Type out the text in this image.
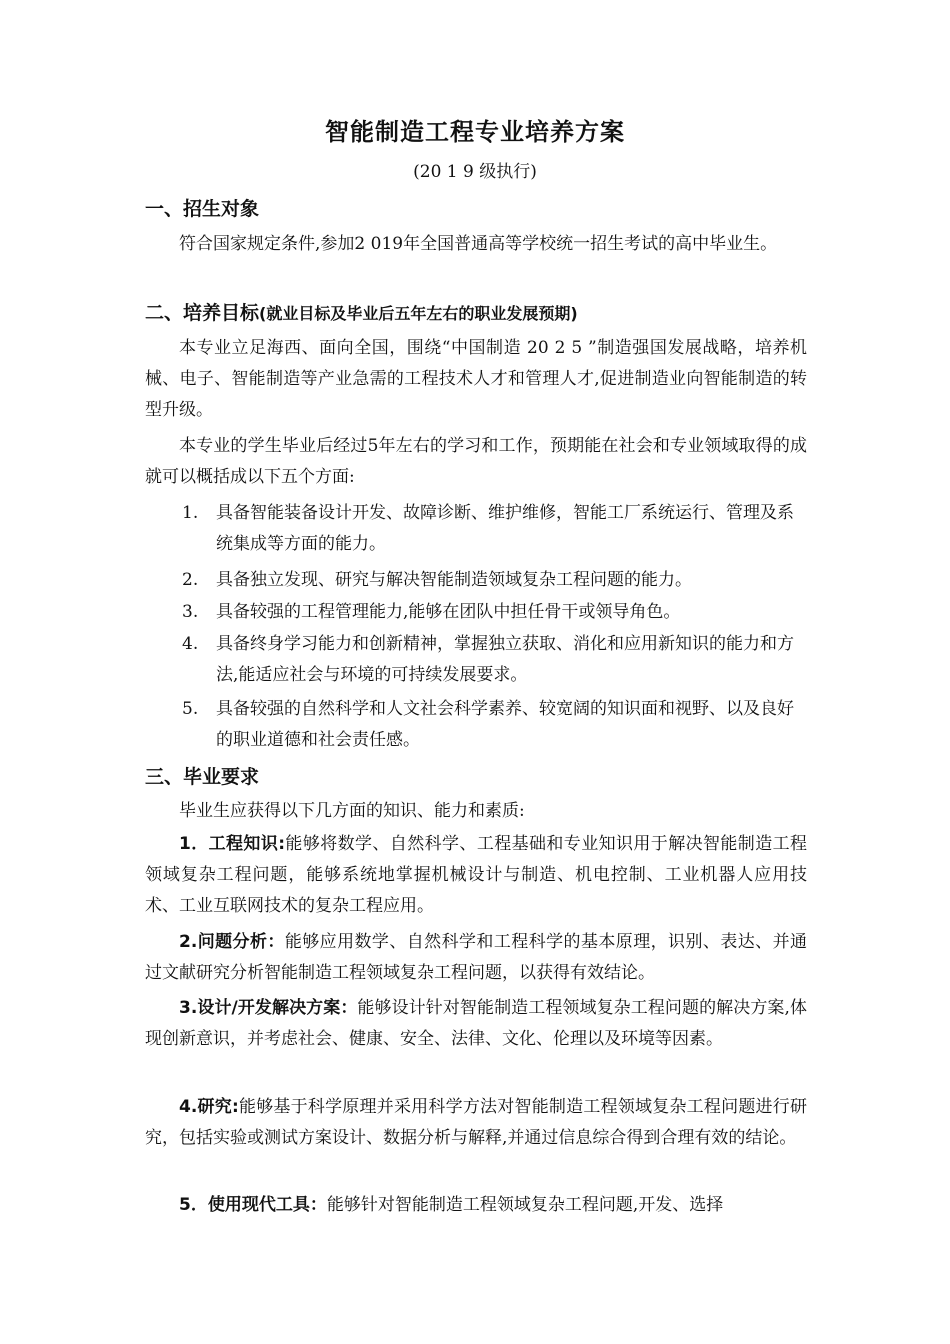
智能制造工程专业培养方案
(20 1 9 级执行)
一、招生对象
符合国家规定条件,参加2 019年全国普通高等学校统一招生考试的高中毕业生。
二、培养目标(就业目标及毕业后五年左右的职业发展预期)
本专业立足海西、面向全国，围绕“中国制造 20 2 5 ”制造强国发展战略，培养机械、电子、智能制造等产业急需的工程技术人才和管理人才,促进制造业向智能制造的转型升级。
本专业的学生毕业后经过5年左右的学习和工作，预期能在社会和专业领域取得的成就可以概括成以下五个方面:
1.	具备智能装备设计开发、故障诊断、维护维修，智能工厂系统运行、管理及系统集成等方面的能力。
2.	具备独立发现、研究与解决智能制造领域复杂工程问题的能力。
3.	具备较强的工程管理能力,能够在团队中担任骨干或领导角色。
4.	具备终身学习能力和创新精神，掌握独立获取、消化和应用新知识的能力和方法,能适应社会与环境的可持续发展要求。
5.	具备较强的自然科学和人文社会科学素养、较宽阔的知识面和视野、以及良好的职业道德和社会责任感。
三、毕业要求
毕业生应获得以下几方面的知识、能力和素质:
1．工程知识:能够将数学、自然科学、工程基础和专业知识用于解决智能制造工程领域复杂工程问题，能够系统地掌握机械设计与制造、机电控制、工业机器人应用技术、工业互联网技术的复杂工程应用。
2.问题分析：能够应用数学、自然科学和工程科学的基本原理，识别、表达、并通过文献研究分析智能制造工程领域复杂工程问题，以获得有效结论。
3.设计/开发解决方案：能够设计针对智能制造工程领域复杂工程问题的解决方案,体现创新意识，并考虑社会、健康、安全、法律、文化、伦理以及环境等因素。
4.研究:能够基于科学原理并采用科学方法对智能制造工程领域复杂工程问题进行研究，包括实验或测试方案设计、数据分析与解释,并通过信息综合得到合理有效的结论。
5．使用现代工具：能够针对智能制造工程领域复杂工程问题,开发、选择
